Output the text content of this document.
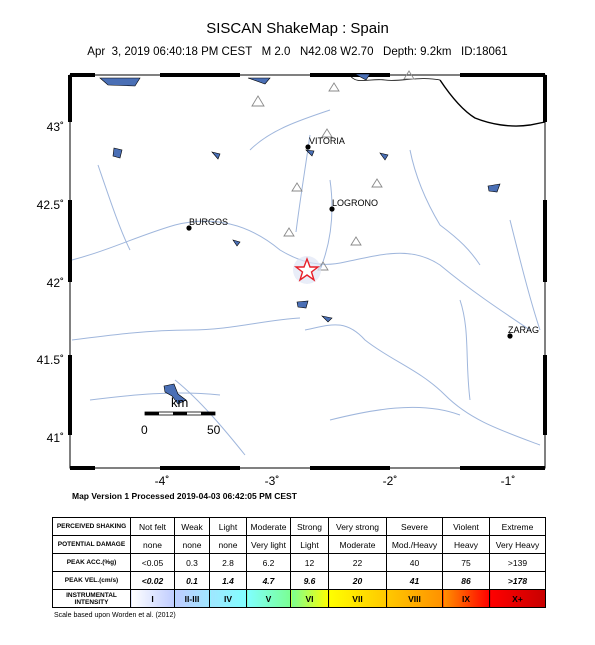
SISCAN ShakeMap : Spain
Apr  3, 2019 06:40:18 PM CEST   M 2.0   N42.08 W2.70   Depth: 9.2km   ID:18061
VITORIA
LOGRONO
BURGOS
ZARAG
km
0	50
43˚
42.5˚
42˚
41.5˚
41˚
-4˚	-3˚	-2˚	-1˚
Map Version 1 Processed 2019-04-03 06:42:05 PM CEST
PERCEIVED SHAKING	Not felt	Weak	Light	Moderate	Strong	Very strong	Severe	Violent	Extreme
POTENTIAL DAMAGE	none	none	none	Very light	Light	Moderate	Mod./Heavy	Heavy	Very Heavy
PEAK ACC.(%g)	<0.05	0.3	2.8	6.2	12	22	40	75	>139
PEAK VEL.(cm/s)	<0.02	0.1	1.4	4.7	9.6	20	41	86	>178
INSTRUMENTAL INTENSITY	I	II-III	IV	V	VI	VII	VIII	IX	X+
Scale based upon Worden et al. (2012)
